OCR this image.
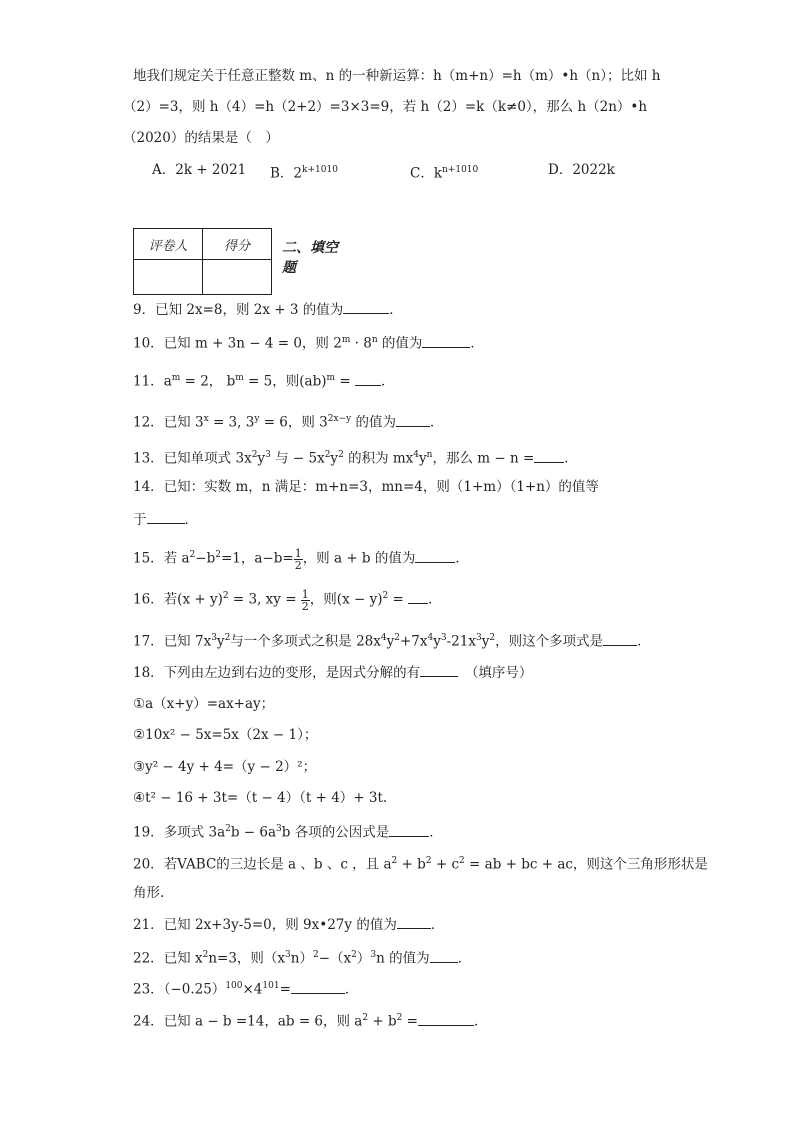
地我们规定关于任意正整数 m、n 的一种新运算：h（m+n）=h（m）•h（n）；比如 h
（2）=3，则 h（4）=h（2+2）=3×3=9，若 h（2）=k（k≠0），那么 h（2n）•h
（2020）的结果是（　）
A．2k + 2021 B．$2^{k+1010}$	C．$k^{n+1010}$	D．2022k
评卷人	得分
	二、填空题
9．已知 2x=8，则 2x + 3 的值为	．
10．已知 m + 3n − 4 = 0，则 $2^m \cdot 8^n$ 的值为	．
11．$a^m = 2$， $b^m = 5$，则(ab)$^m$ = ．
12．已知 $3^x = 3$, $3^y = 6$，则 $3^{2x-y}$ 的值为	．
13．已知单项式 $3x^2y^3$ 与 − $5x^2y^2$ 的积为 $mx^4y^n$，那么 m − n = ．
14．已知：实数 m，n 满足：m+n=3，mn=4，则（1+m）（1+n）的值等
于	．
15．若 $a^2-b^2=1$，$a-b= \frac{1}{2}$ ，则 a + b 的值为	．
16．若$(x + y)^2 = 3$, xy = $\frac{1}{2}$ ，则$(x - y)^2$ = ．
17．已知 $7x^3y^2$与一个多项式之积是 $28x^4y^2+7x^4y^3-21x^3y^2$，则这个多项式是	．
18．下列由左边到右边的变形，是因式分解的有　	（填序号）
①a（x+y）=ax+ay；
②10x² − 5x=5x（2x − 1）；
③y² − 4y + 4=（y − 2）²；
④t² − 16 + 3t=（t − 4）（t + 4）+ 3t.
19．多项式 $3a^2b - 6a^3b$ 各项的公因式是	．
20．若VABC的三边长是 a 、b 、c ，且 $a^2 + b^2 + c^2$ = ab + bc + ac，则这个三角形形状是
角形.
21．已知 2x+3y-5=0，则 9x•27y 的值为	．
22．已知 $x^2n=3$，则$(x^3n)^2-(x^2)^3n$ 的值为 ．
23．$(-0.25)^{100}\times 4^{101}=$	．
24．已知 a − b =14，ab = 6，则 $a^2 + b^2$ =	．
